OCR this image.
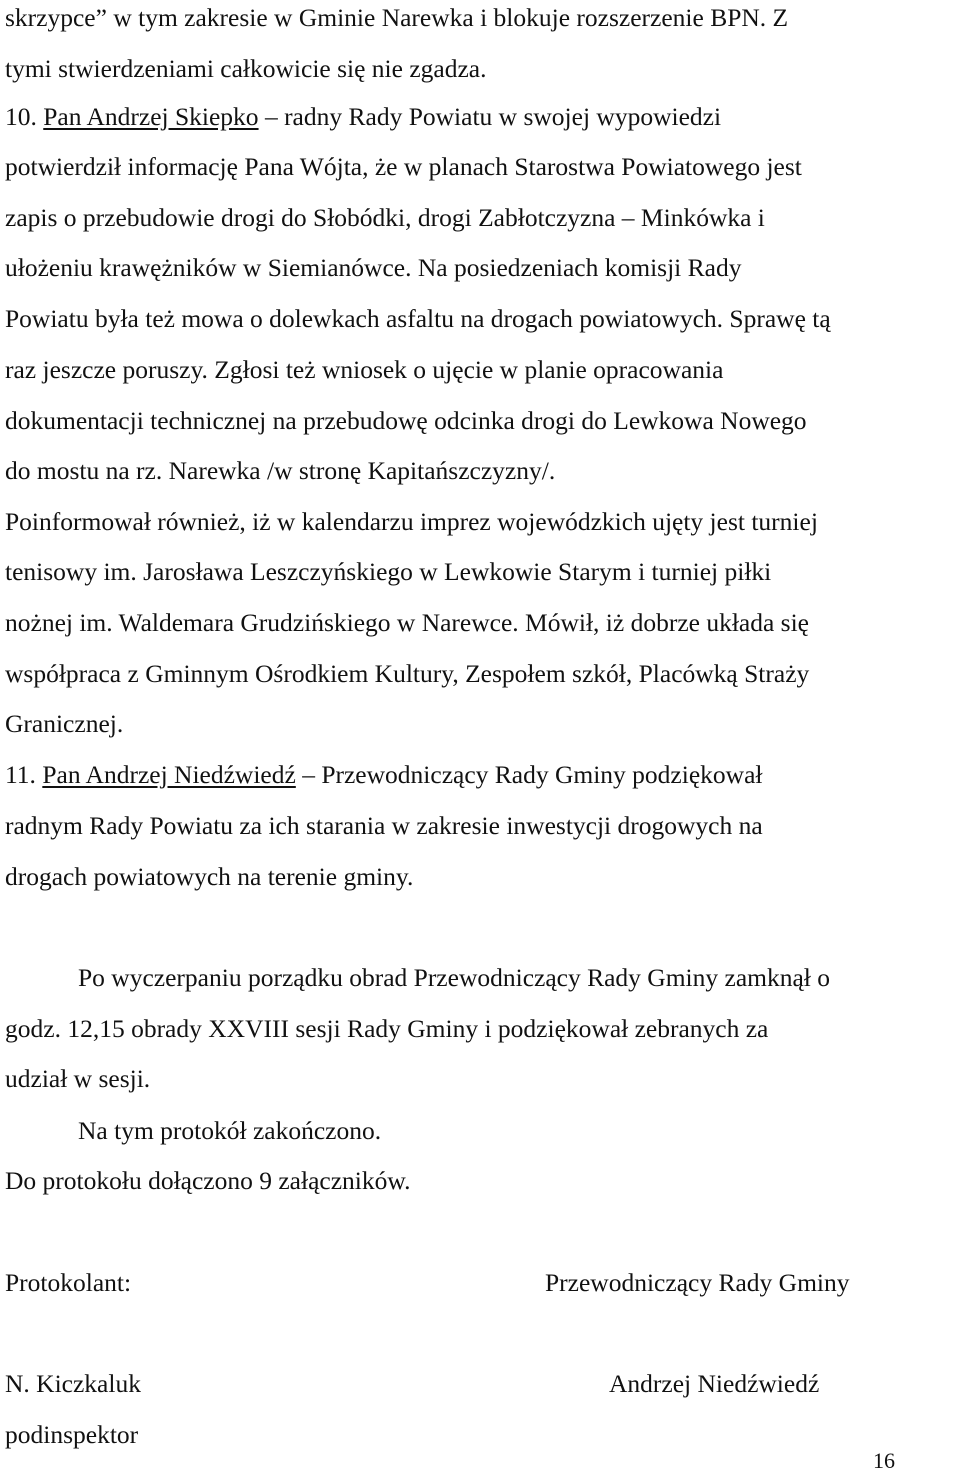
skrzypce” w tym zakresie w Gminie Narewka i blokuje rozszerzenie BPN. Z
tymi stwierdzeniami całkowicie się nie zgadza.
10. Pan Andrzej Skiepko – radny Rady Powiatu w swojej wypowiedzi
potwierdził informację Pana Wójta, że w planach Starostwa Powiatowego jest
zapis o przebudowie drogi do Słobódki, drogi Zabłotczyzna – Minkówka i
ułożeniu krawężników w Siemianówce. Na posiedzeniach komisji Rady
Powiatu była też mowa o dolewkach asfaltu na drogach powiatowych. Sprawę tą
raz jeszcze poruszy. Zgłosi też wniosek o ujęcie w planie opracowania
dokumentacji technicznej na przebudowę odcinka drogi do Lewkowa Nowego
do mostu na rz. Narewka /w stronę Kapitańszczyzny/.
Poinformował również, iż w kalendarzu imprez wojewódzkich ujęty jest turniej
tenisowy im. Jarosława Leszczyńskiego w Lewkowie Starym i turniej piłki
nożnej im. Waldemara Grudzińskiego w Narewce. Mówił, iż dobrze układa się
współpraca z Gminnym Ośrodkiem Kultury, Zespołem szkół, Placówką Straży
Granicznej.
11. Pan Andrzej Niedźwiedź – Przewodniczący Rady Gminy podziękował
radnym Rady Powiatu za ich starania w zakresie inwestycji drogowych na
drogach powiatowych na terenie gminy.
Po wyczerpaniu porządku obrad Przewodniczący Rady Gminy zamknął o
godz. 12,15 obrady XXVIII sesji Rady Gminy i podziękował zebranych za
udział w sesji.
Na tym protokół zakończono.
Do protokołu dołączono 9 załączników.
Protokolant:	Przewodniczący Rady Gminy
N. Kiczkaluk	Andrzej Niedźwiedź
podinspektor
16
